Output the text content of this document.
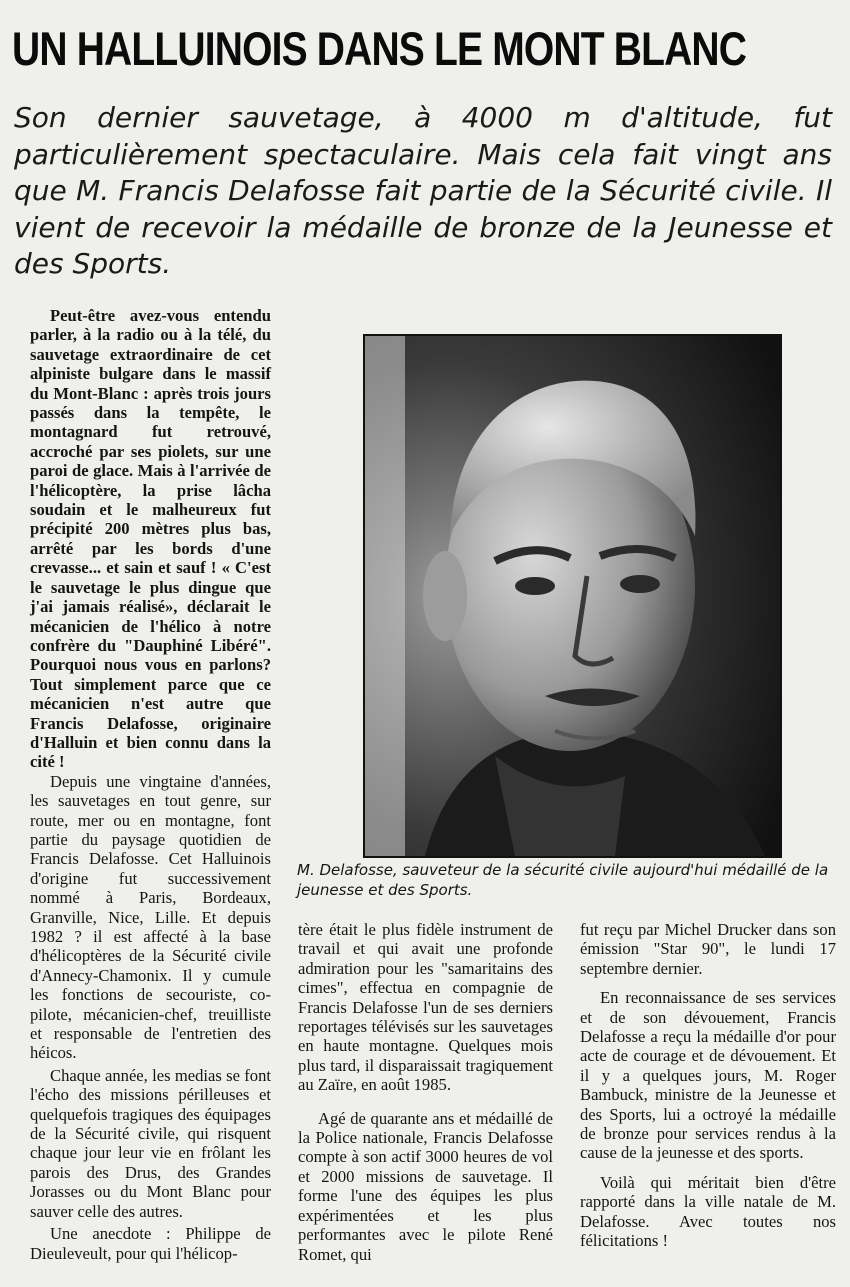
UN HALLUINOIS DANS LE MONT BLANC
Son dernier sauvetage, à 4000 m d'altitude, fut particulièrement spectaculaire. Mais cela fait vingt ans que M. Francis Delafosse fait partie de la Sécurité civile. Il vient de recevoir la médaille de bronze de la Jeunesse et des Sports.

Peut-être avez-vous entendu parler, à la radio ou à la télé, du sauvetage extraordinaire de cet alpiniste bulgare dans le massif du Mont-Blanc : après trois jours passés dans la tempête, le montagnard fut retrouvé, accroché par ses piolets, sur une paroi de glace. Mais à l'arrivée de l'hélicoptère, la prise lâcha soudain et le malheureux fut précipité 200 mètres plus bas, arrêté par les bords d'une crevasse... et sain et sauf ! « C'est le sauvetage le plus dingue que j'ai jamais réalisé», déclarait le mécanicien de l'hélico à notre confrère du "Dauphiné Libéré". Pourquoi nous vous en parlons? Tout simplement parce que ce mécanicien n'est autre que Francis Delafosse, originaire d'Halluin et bien connu dans la cité !

Depuis une vingtaine d'années, les sauvetages en tout genre, sur route, mer ou en montagne, font partie du paysage quotidien de Francis Delafosse. Cet Halluinois d'origine fut successivement nommé à Paris, Bordeaux, Granville, Nice, Lille. Et depuis 1982 ? il est affecté à la base d'hélicoptères de la Sécurité civile d'Annecy-Chamonix. Il y cumule les fonctions de secouriste, co-pilote, mécanicien-chef, treuilliste et responsable de l'entretien des héicos.

Chaque année, les medias se font l'écho des missions périlleuses et quelquefois tragiques des équipages de la Sécurité civile, qui risquent chaque jour leur vie en frôlant les parois des Drus, des Grandes Jorasses ou du Mont Blanc pour sauver celle des autres.

Une anecdote : Philippe de Dieuleveult, pour qui l'hélicop-

M. Delafosse, sauveteur de la sécurité civile aujourd'hui médaillé de la jeunesse et des Sports.

tère était le plus fidèle instrument de travail et qui avait une profonde admiration pour les "samaritains des cimes", effectua en compagnie de Francis Delafosse l'un de ses derniers reportages télévisés sur les sauvetages en haute montagne. Quelques mois plus tard, il disparaissait tragiquement au Zaïre, en août 1985.

Agé de quarante ans et médaillé de la Police nationale, Francis Delafosse compte à son actif 3000 heures de vol et 2000 missions de sauvetage. Il forme l'une des équipes les plus expérimentées et les plus performantes avec le pilote René Romet, qui

fut reçu par Michel Drucker dans son émission "Star 90", le lundi 17 septembre dernier.

En reconnaissance de ses services et de son dévouement, Francis Delafosse a reçu la médaille d'or pour acte de courage et de dévouement. Et il y a quelques jours, M. Roger Bambuck, ministre de la Jeunesse et des Sports, lui a octroyé la médaille de bronze pour services rendus à la cause de la jeunesse et des sports.

Voilà qui méritait bien d'être rapporté dans la ville natale de M. Delafosse. Avec toutes nos félicitations !
